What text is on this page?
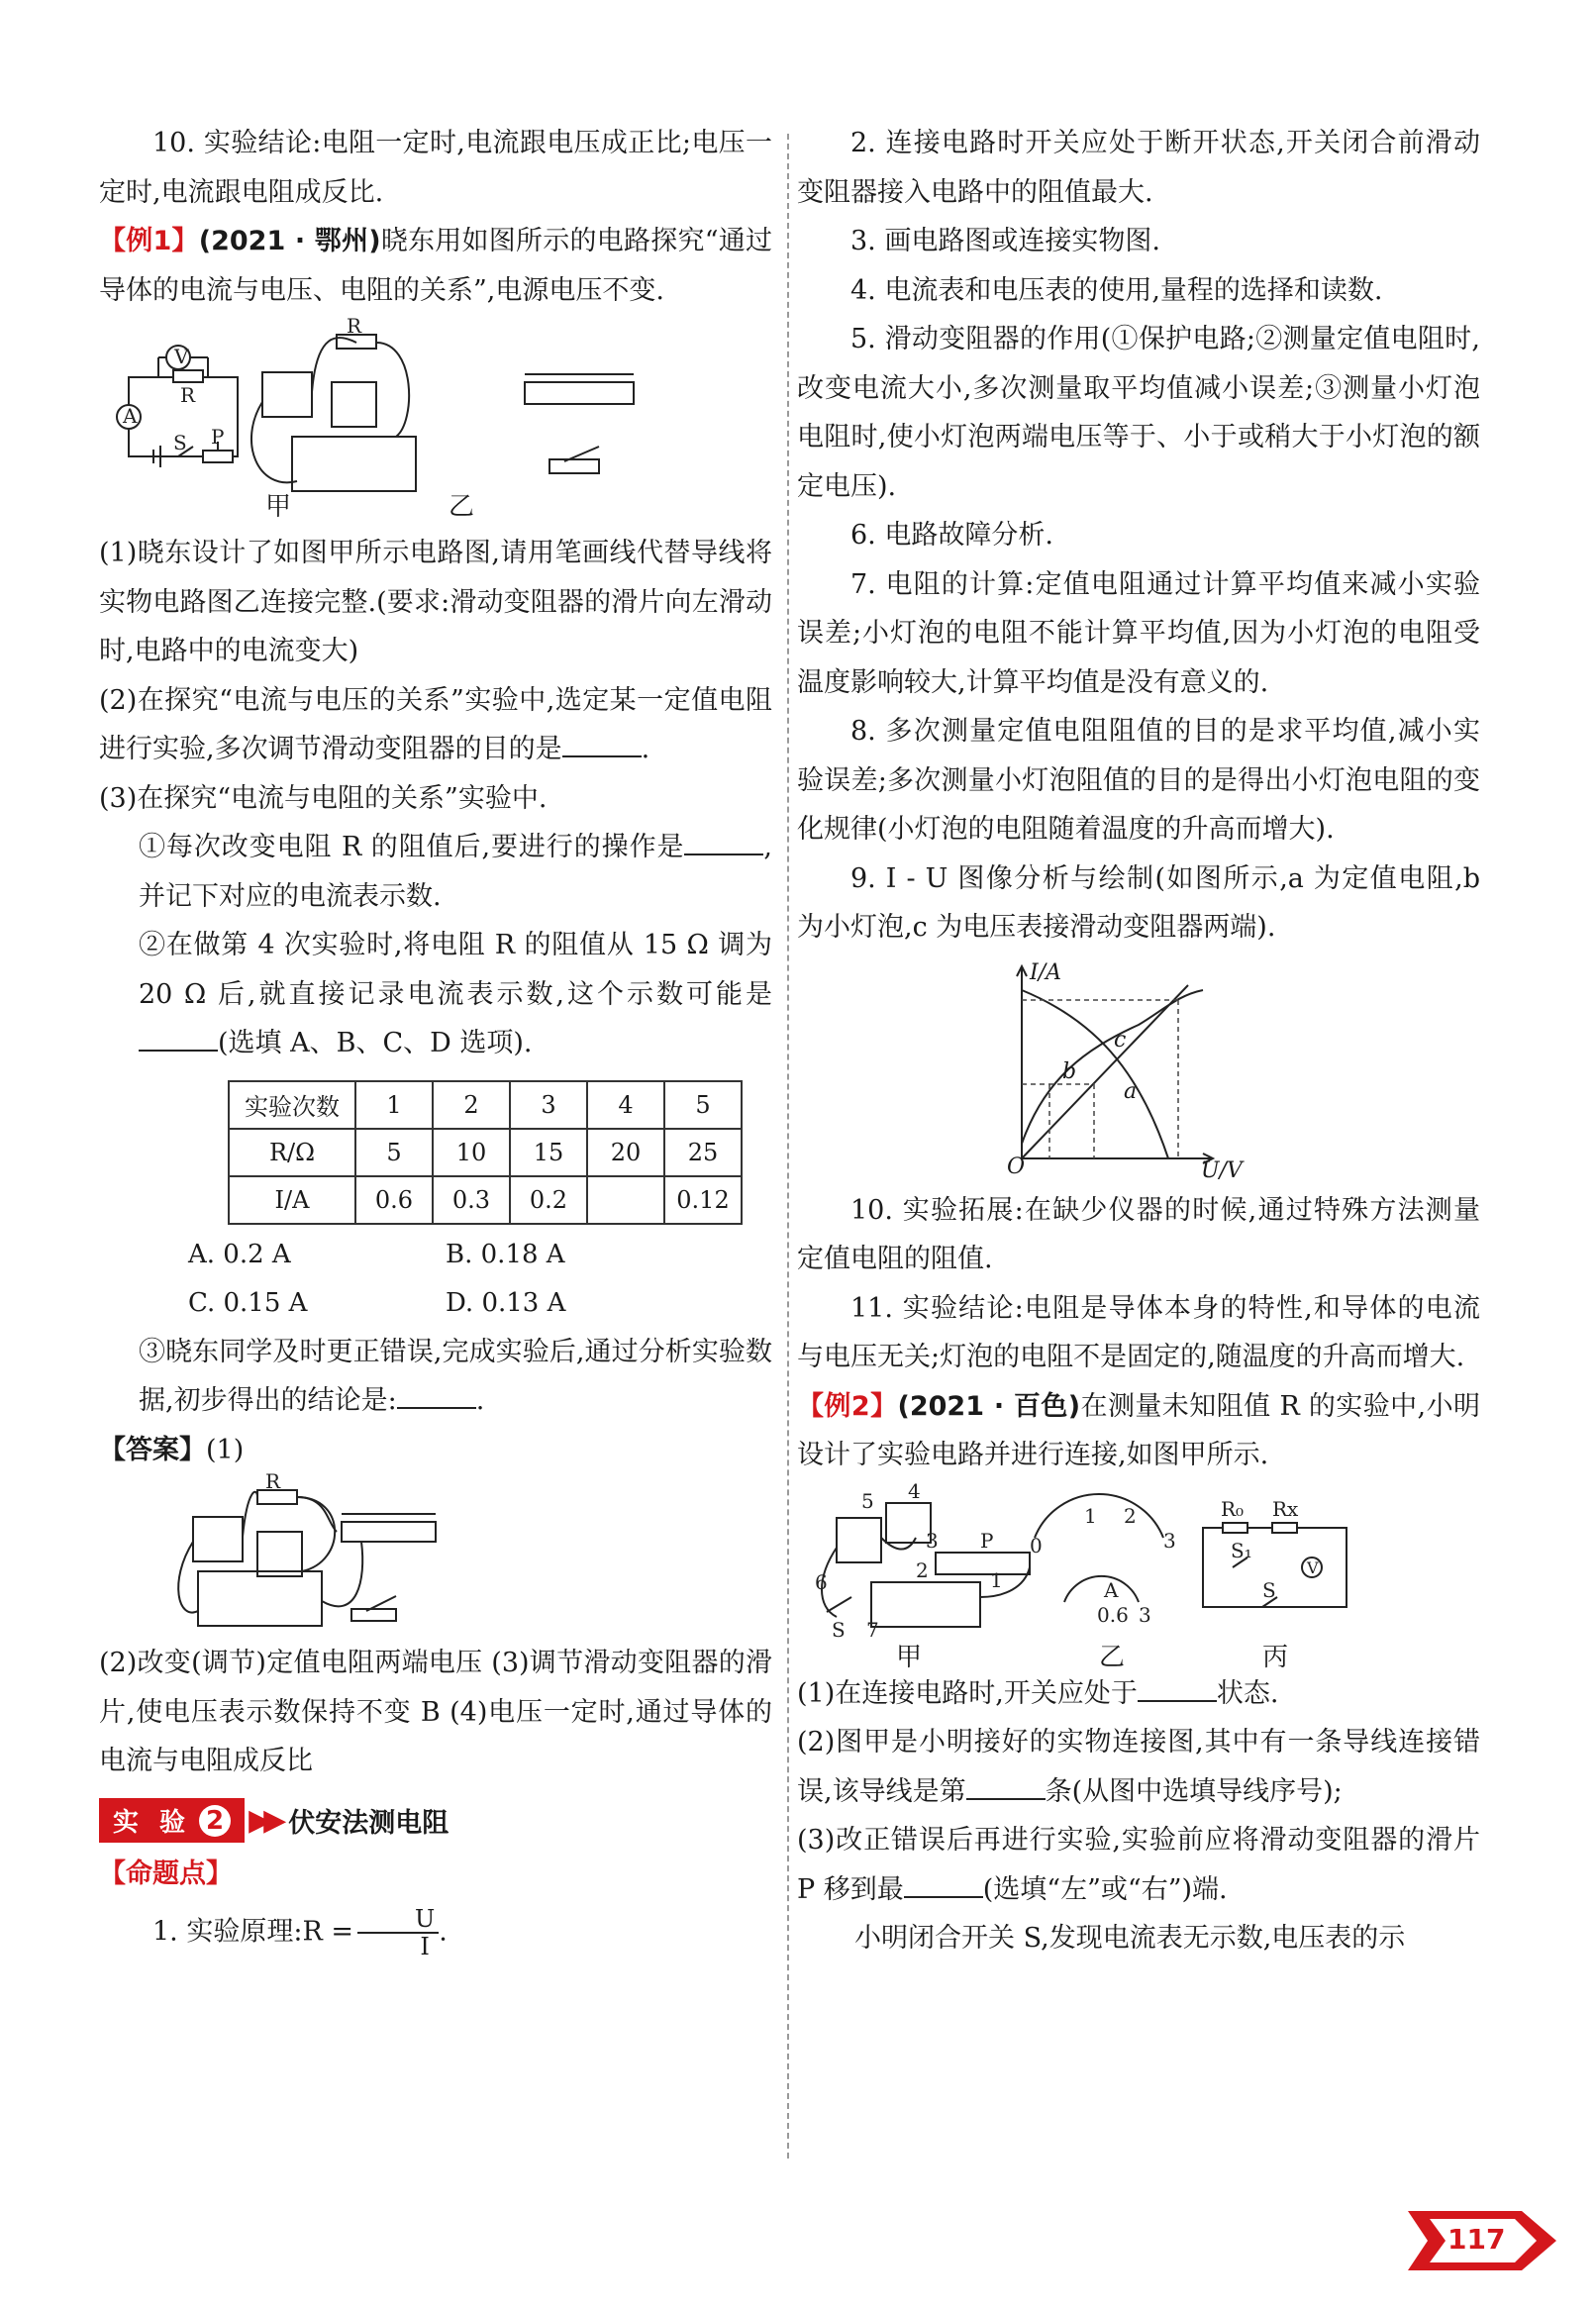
10. 实验结论:电阻一定时,电流跟电压成正比;电压一定时,电流跟电阻成反比.

【例1】(2021 · 鄂州)晓东用如图所示的电路探究“通过导体的电流与电压、电阻的关系”,电源电压不变.

V
A
R
R
S P
甲	乙

(1)晓东设计了如图甲所示电路图,请用笔画线代替导线将实物电路图乙连接完整.(要求:滑动变阻器的滑片向左滑动时,电路中的电流变大)

(2)在探究“电流与电压的关系”实验中,选定某一定值电阻进行实验,多次调节滑动变阻器的目的是	.

(3)在探究“电流与电阻的关系”实验中.

①每次改变电阻 R 的阻值后,要进行的操作是	,并记下对应的电流表示数.

②在做第 4 次实验时,将电阻 R 的阻值从 15 Ω 调为 20 Ω 后,就直接记录电流表示数,这个示数可能是(选填 A、B、C、D 选项).

实验次数	1	2	3	4	5
R/Ω	5	10	15	20	25
I/A	0.6	0.3	0.2		0.12
A. 0.2 A	B. 0.18 A
C. 0.15 A	D. 0.13 A

③晓东同学及时更正错误,完成实验后,通过分析实验数据,初步得出的结论是:	.

【答案】(1)

R

(2)改变(调节)定值电阻两端电压 (3)调节滑动变阻器的滑片,使电压表示数保持不变 B (4)电压一定时,通过导体的电流与电阻成反比

实 验 2 ▶▶ 伏安法测电阻

【命题点】

1. 实验原理:R = $\frac{U}{I}$ .

2. 连接电路时开关应处于断开状态,开关闭合前滑动变阻器接入电路中的阻值最大.

3. 画电路图或连接实物图.

4. 电流表和电压表的使用,量程的选择和读数.

5. 滑动变阻器的作用(①保护电路;②测量定值电阻时,改变电流大小,多次测量取平均值减小误差;③测量小灯泡电阻时,使小灯泡两端电压等于、小于或稍大于小灯泡的额定电压).

6. 电路故障分析.

7. 电阻的计算:定值电阻通过计算平均值来减小实验误差;小灯泡的电阻不能计算平均值,因为小灯泡的电阻受温度影响较大,计算平均值是没有意义的.

8. 多次测量定值电阻阻值的目的是求平均值,减小实验误差;多次测量小灯泡阻值的目的是得出小灯泡电阻的变化规律(小灯泡的电阻随着温度的升高而增大).

9. I - U 图像分析与绘制(如图所示,a 为定值电阻,b 为小灯泡,c 为电压表接滑动变阻器两端).

I/A
U/V
O
a
b
c

10. 实验拓展:在缺少仪器的时候,通过特殊方法测量定值电阻的阻值.

11. 实验结论:电阻是导体本身的特性,和导体的电流与电压无关;灯泡的电阻不是固定的,随温度的升高而增大.

【例2】(2021 · 百色)在测量未知阻值 R 的实验中,小明设计了实验电路并进行连接,如图甲所示.

5 4
3 P
2	1
6
S 7
0
1 2
3
A
0.6 3
R₀ Rx
V
S₁
S
甲	乙	丙

(1)在连接电路时,开关应处于	状态.

(2)图甲是小明接好的实物连接图,其中有一条导线连接错误,该导线是第	条(从图中选填导线序号);

(3)改正错误后再进行实验,实验前应将滑动变阻器的滑片 P 移到最	(选填“左”或“右”)端.

小明闭合开关 S,发现电流表无示数,电压表的示

117
